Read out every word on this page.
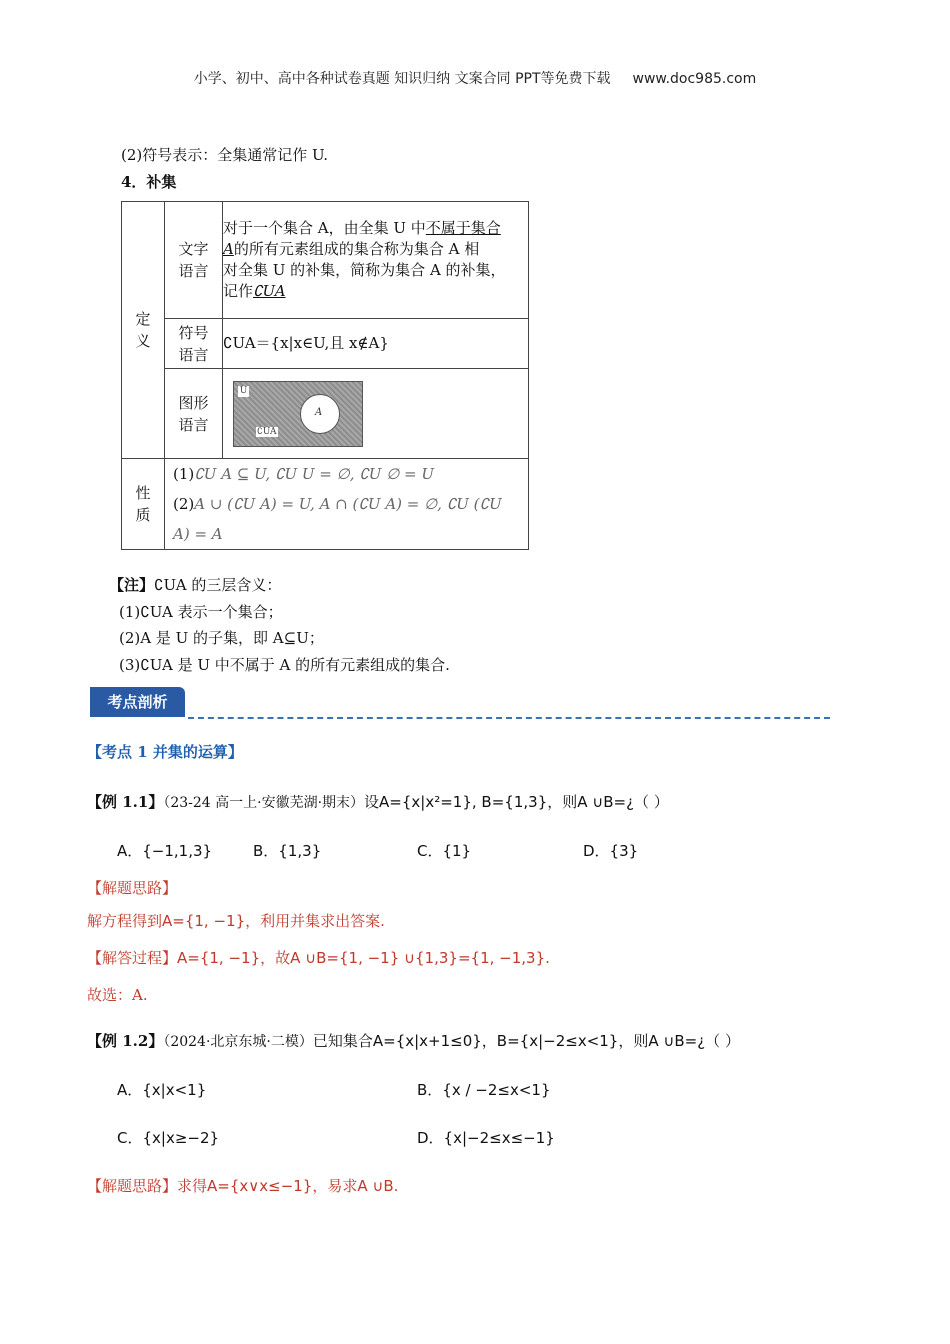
小学、初中、高中各种试卷真题 知识归纳 文案合同 PPT等免费下载 www.doc985.com
(2)符号表示：全集通常记作 U.
4．补集
定义	文字语言	对于一个集合 A，由全集 U 中不属于集合
A的所有元素组成的集合称为集合 A 相
对全集 U 的补集，简称为集合 A 的补集，
记作∁UA

	符号语言	∁UA＝{x|x∈U,且 x∉A}
	图形语言	U
A
∁UA

性质	(1)∁U A ⊆ U, ∁U U = ∅, ∁U ∅ = U
(2)A ∪ (∁U A) = U, A ∩ (∁U A) = ∅, ∁U (∁U A) = A	
【注】∁UA 的三层含义：
(1)∁UA 表示一个集合；
(2)A 是 U 的子集，即 A⊆U；
(3)∁UA 是 U 中不属于 A 的所有元素组成的集合.
考点剖析
【考点 1 并集的运算】
【例 1.1】（23-24 高一上·安徽芜湖·期末）设A={x|x²=1}, B={1,3}，则A ∪B=¿（ ）
A．{−1,1,3}	B．{1,3}	C．{1}	D．{3}
【解题思路】
解方程得到A={1, −1}，利用并集求出答案.
【解答过程】A={1, −1}，故A ∪B={1, −1} ∪{1,3}={1, −1,3}.
故选：A.
【例 1.2】（2024·北京东城·二模）已知集合A={x|x+1≤0}，B={x|−2≤x<1}，则A ∪B=¿（ ）
A．{x|x<1}	B．{x / −2≤x<1}
C．{x|x≥−2}	D．{x|−2≤x≤−1}
【解题思路】求得A={x∨x≤−1}，易求A ∪B.
